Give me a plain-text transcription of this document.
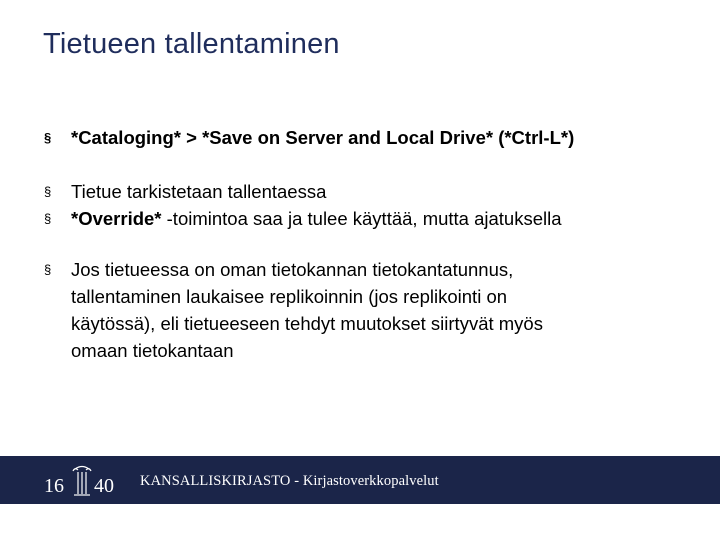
Tietueen tallentaminen
§ *Cataloging* > *Save on Server and Local Drive* (*Ctrl-L*)
§ Tietue tarkistetaan tallentaessa
§ *Override* -toimintoa saa ja tulee käyttää, mutta ajatuksella
§ Jos tietueessa on oman tietokannan tietokantatunnus,
tallentaminen laukaisee replikoinnin (jos replikointi on
käytössä), eli tietueeseen tehdyt muutokset siirtyvät myös
omaan tietokantaan
16 40 KANSALLISKIRJASTO - Kirjastoverkkopalvelut
